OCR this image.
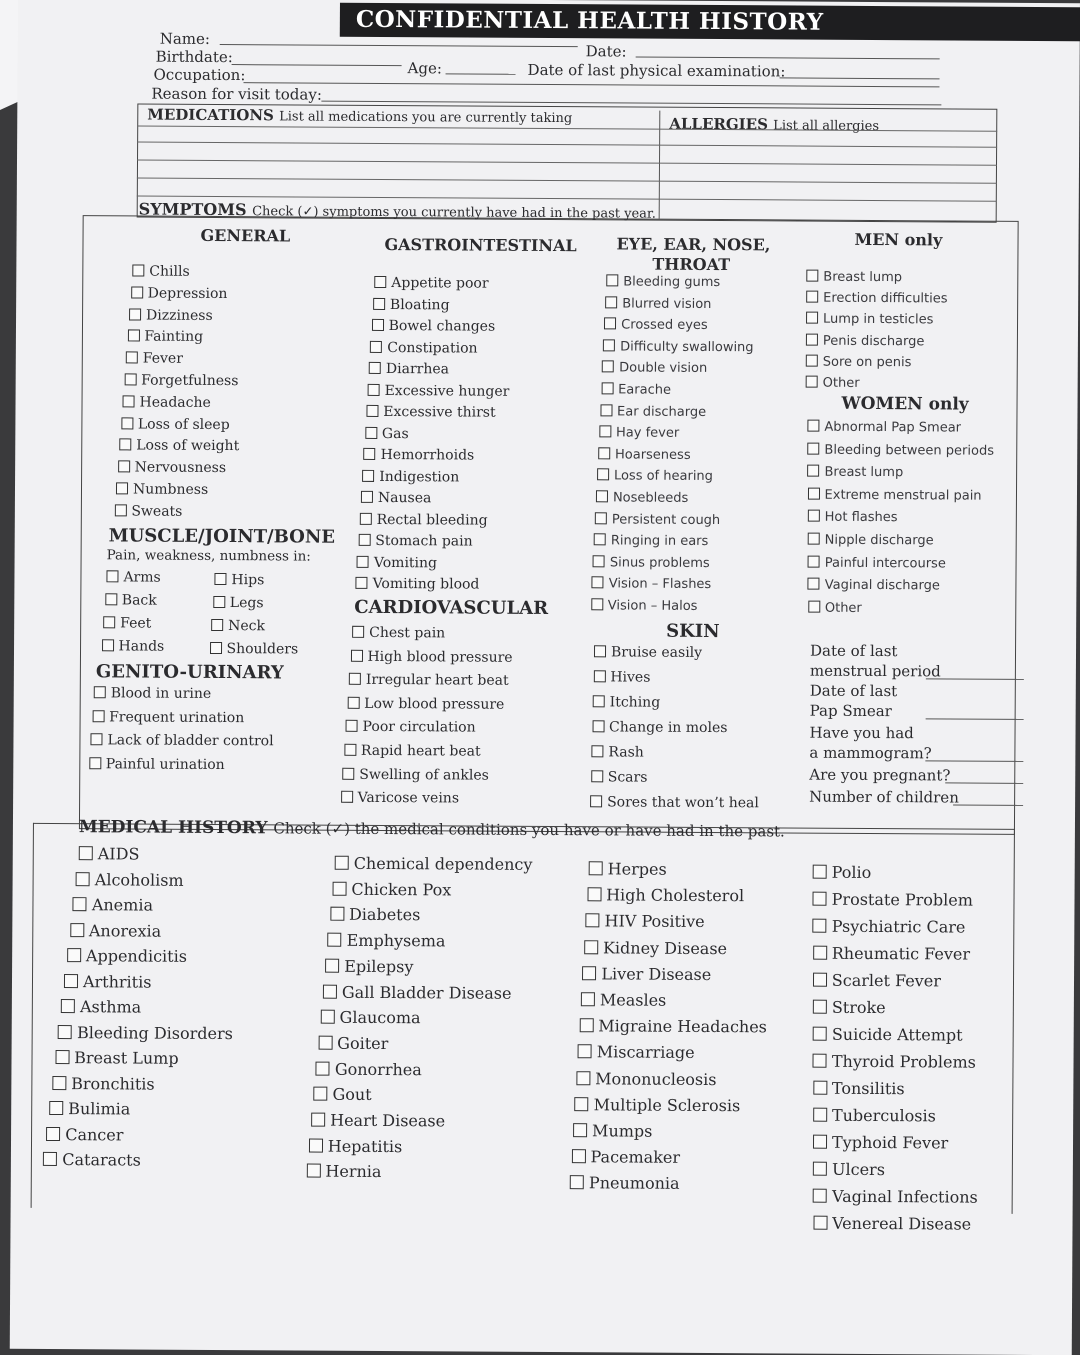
CONFIDENTIAL HEALTH HISTORY
Name:
Date:
Birthdate:
Age:	Date of last physical examination:
Occupation:
Reason for visit today:
MEDICATIONS List all medications you are currently taking	ALLERGIES List all allergies
SYMPTOMS Check (✓) symptoms you currently have had in the past year.
GENERAL	GASTROINTESTINAL EYE, EAR, NOSE,
THROAT
MEN only
Chills
Depression
Dizziness
Fainting
Fever
Forgetfulness
Headache
Loss of sleep
Loss of weight
Nervousness
Numbness
Sweats
Appetite poor
Bloating
Bowel changes
Constipation
Diarrhea
Excessive hunger
Excessive thirst
Gas
Hemorrhoids
Indigestion
Nausea
Rectal bleeding
Stomach pain
Vomiting
Vomiting blood
Bleeding gums
Blurred vision
Crossed eyes
Difficulty swallowing
Double vision
Earache
Ear discharge
Hay fever
Hoarseness
Loss of hearing
Nosebleeds
Persistent cough
Ringing in ears
Sinus problems
Vision – Flashes
Vision – Halos
Breast lump
Erection difficulties
Lump in testicles
Penis discharge
Sore on penis
Other
WOMEN only
Abnormal Pap Smear
Bleeding between periods
Breast lump
Extreme menstrual pain
Hot flashes
Nipple discharge
Painful intercourse
Vaginal discharge
Other
MUSCLE/JOINT/BONE
Pain, weakness, numbness in:
Arms
Back
Feet
Hands
Hips
Legs
Neck
Shoulders
GENITO-URINARY
Blood in urine
Frequent urination
Lack of bladder control
Painful urination
CARDIOVASCULAR
Chest pain
High blood pressure
Irregular heart beat
Low blood pressure
Poor circulation
Rapid heart beat
Swelling of ankles
Varicose veins
SKIN
Bruise easily
Hives
Itching
Change in moles
Rash
Scars
Sores that won’t heal
Date of last
menstrual period
Date of last
Pap Smear
Have you had
a mammogram?
Are you pregnant?
Number of children
MEDICAL HISTORY Check (✓) the medical conditions you have or have had in the past.
AIDS
Alcoholism
Anemia
Anorexia
Appendicitis
Arthritis
Asthma
Bleeding Disorders
Breast Lump
Bronchitis
Bulimia
Cancer
Cataracts
Chemical dependency
Chicken Pox
Diabetes
Emphysema
Epilepsy
Gall Bladder Disease
Glaucoma
Goiter
Gonorrhea
Gout
Heart Disease
Hepatitis
Hernia
Herpes
High Cholesterol
HIV Positive
Kidney Disease
Liver Disease
Measles
Migraine Headaches
Miscarriage
Mononucleosis
Multiple Sclerosis
Mumps
Pacemaker
Pneumonia
Polio
Prostate Problem
Psychiatric Care
Rheumatic Fever
Scarlet Fever
Stroke
Suicide Attempt
Thyroid Problems
Tonsilitis
Tuberculosis
Typhoid Fever
Ulcers
Vaginal Infections
Venereal Disease
